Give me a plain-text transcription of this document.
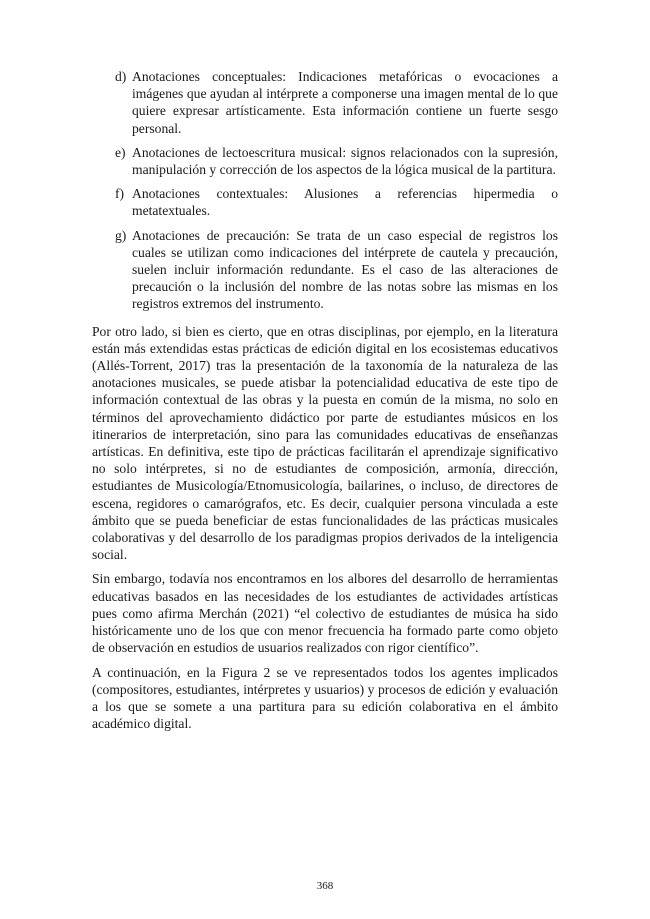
d) Anotaciones conceptuales: Indicaciones metafóricas o evocaciones a imágenes que ayudan al intérprete a componerse una imagen mental de lo que quiere expresar artísticamente. Esta información contiene un fuerte sesgo personal.
e) Anotaciones de lectoescritura musical: signos relacionados con la supresión, manipulación y corrección de los aspectos de la lógica musical de la partitura.
f) Anotaciones contextuales: Alusiones a referencias hipermedia o metatextuales.
g) Anotaciones de precaución: Se trata de un caso especial de registros los cuales se utilizan como indicaciones del intérprete de cautela y precaución, suelen incluir información redundante. Es el caso de las alteraciones de precaución o la inclusión del nombre de las notas sobre las mismas en los registros extremos del instrumento.

Por otro lado, si bien es cierto, que en otras disciplinas, por ejemplo, en la literatura están más extendidas estas prácticas de edición digital en los ecosistemas educativos (Allés-Torrent, 2017) tras la presentación de la taxonomía de la naturaleza de las anotaciones musicales, se puede atisbar la potencialidad educativa de este tipo de información contextual de las obras y la puesta en común de la misma, no solo en términos del aprovechamiento didáctico por parte de estudiantes músicos en los itinerarios de interpretación, sino para las comunidades educativas de enseñanzas artísticas. En definitiva, este tipo de prácticas facilitarán el aprendizaje significativo no solo intérpretes, si no de estudiantes de composición, armonía, dirección, estudiantes de Musicología/Etnomusicología, bailarines, o incluso, de directores de escena, regidores o camarógrafos, etc. Es decir, cualquier persona vinculada a este ámbito que se pueda beneficiar de estas funcionalidades de las prácticas musicales colaborativas y del desarrollo de los paradigmas propios derivados de la inteligencia social.

Sin embargo, todavía nos encontramos en los albores del desarrollo de herramientas educativas basados en las necesidades de los estudiantes de actividades artísticas pues como afirma Merchán (2021) “el colectivo de estudiantes de música ha sido históricamente uno de los que con menor frecuencia ha formado parte como objeto de observación en estudios de usuarios realizados con rigor científico”.

A continuación, en la Figura 2 se ve representados todos los agentes implicados (compositores, estudiantes, intérpretes y usuarios) y procesos de edición y evaluación a los que se somete a una partitura para su edición colaborativa en el ámbito académico digital.

368
